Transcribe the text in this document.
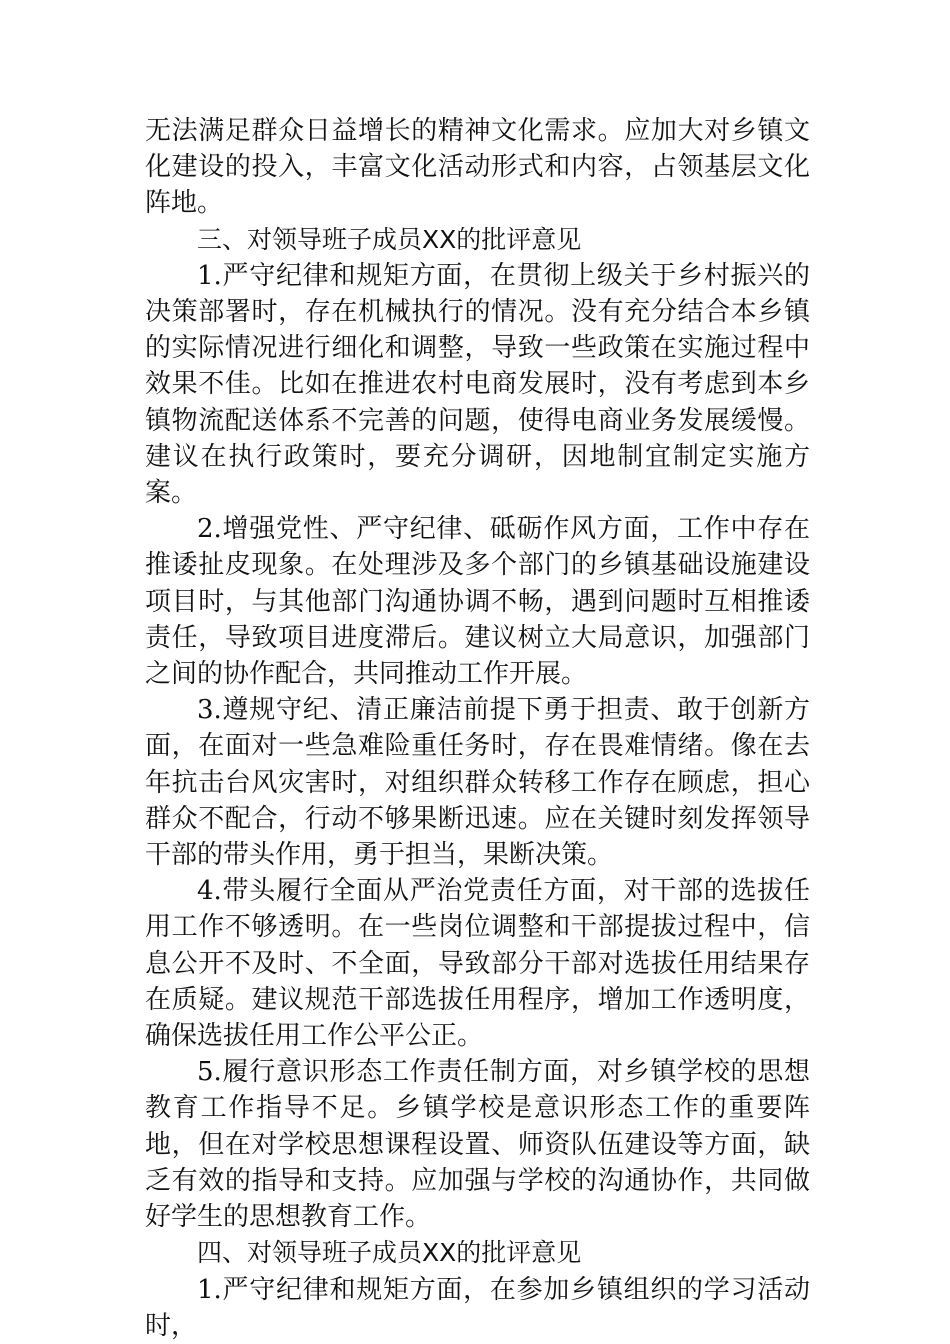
无法满足群众日益增长的精神文化需求。应加大对乡镇文化建设的投入，丰富文化活动形式和内容，占领基层文化阵地。

三、对领导班子成员XX的批评意见

1.严守纪律和规矩方面，在贯彻上级关于乡村振兴的决策部署时，存在机械执行的情况。没有充分结合本乡镇的实际情况进行细化和调整，导致一些政策在实施过程中效果不佳。比如在推进农村电商发展时，没有考虑到本乡镇物流配送体系不完善的问题，使得电商业务发展缓慢。建议在执行政策时，要充分调研，因地制宜制定实施方案。

2.增强党性、严守纪律、砥砺作风方面，工作中存在推诿扯皮现象。在处理涉及多个部门的乡镇基础设施建设项目时，与其他部门沟通协调不畅，遇到问题时互相推诿责任，导致项目进度滞后。建议树立大局意识，加强部门之间的协作配合，共同推动工作开展。

3.遵规守纪、清正廉洁前提下勇于担责、敢于创新方面，在面对一些急难险重任务时，存在畏难情绪。像在去年抗击台风灾害时，对组织群众转移工作存在顾虑，担心群众不配合，行动不够果断迅速。应在关键时刻发挥领导干部的带头作用，勇于担当，果断决策。

4.带头履行全面从严治党责任方面，对干部的选拔任用工作不够透明。在一些岗位调整和干部提拔过程中，信息公开不及时、不全面，导致部分干部对选拔任用结果存在质疑。建议规范干部选拔任用程序，增加工作透明度，确保选拔任用工作公平公正。

5.履行意识形态工作责任制方面，对乡镇学校的思想教育工作指导不足。乡镇学校是意识形态工作的重要阵地，但在对学校思想课程设置、师资队伍建设等方面，缺乏有效的指导和支持。应加强与学校的沟通协作，共同做好学生的思想教育工作。

四、对领导班子成员XX的批评意见

1.严守纪律和规矩方面，在参加乡镇组织的学习活动时，
